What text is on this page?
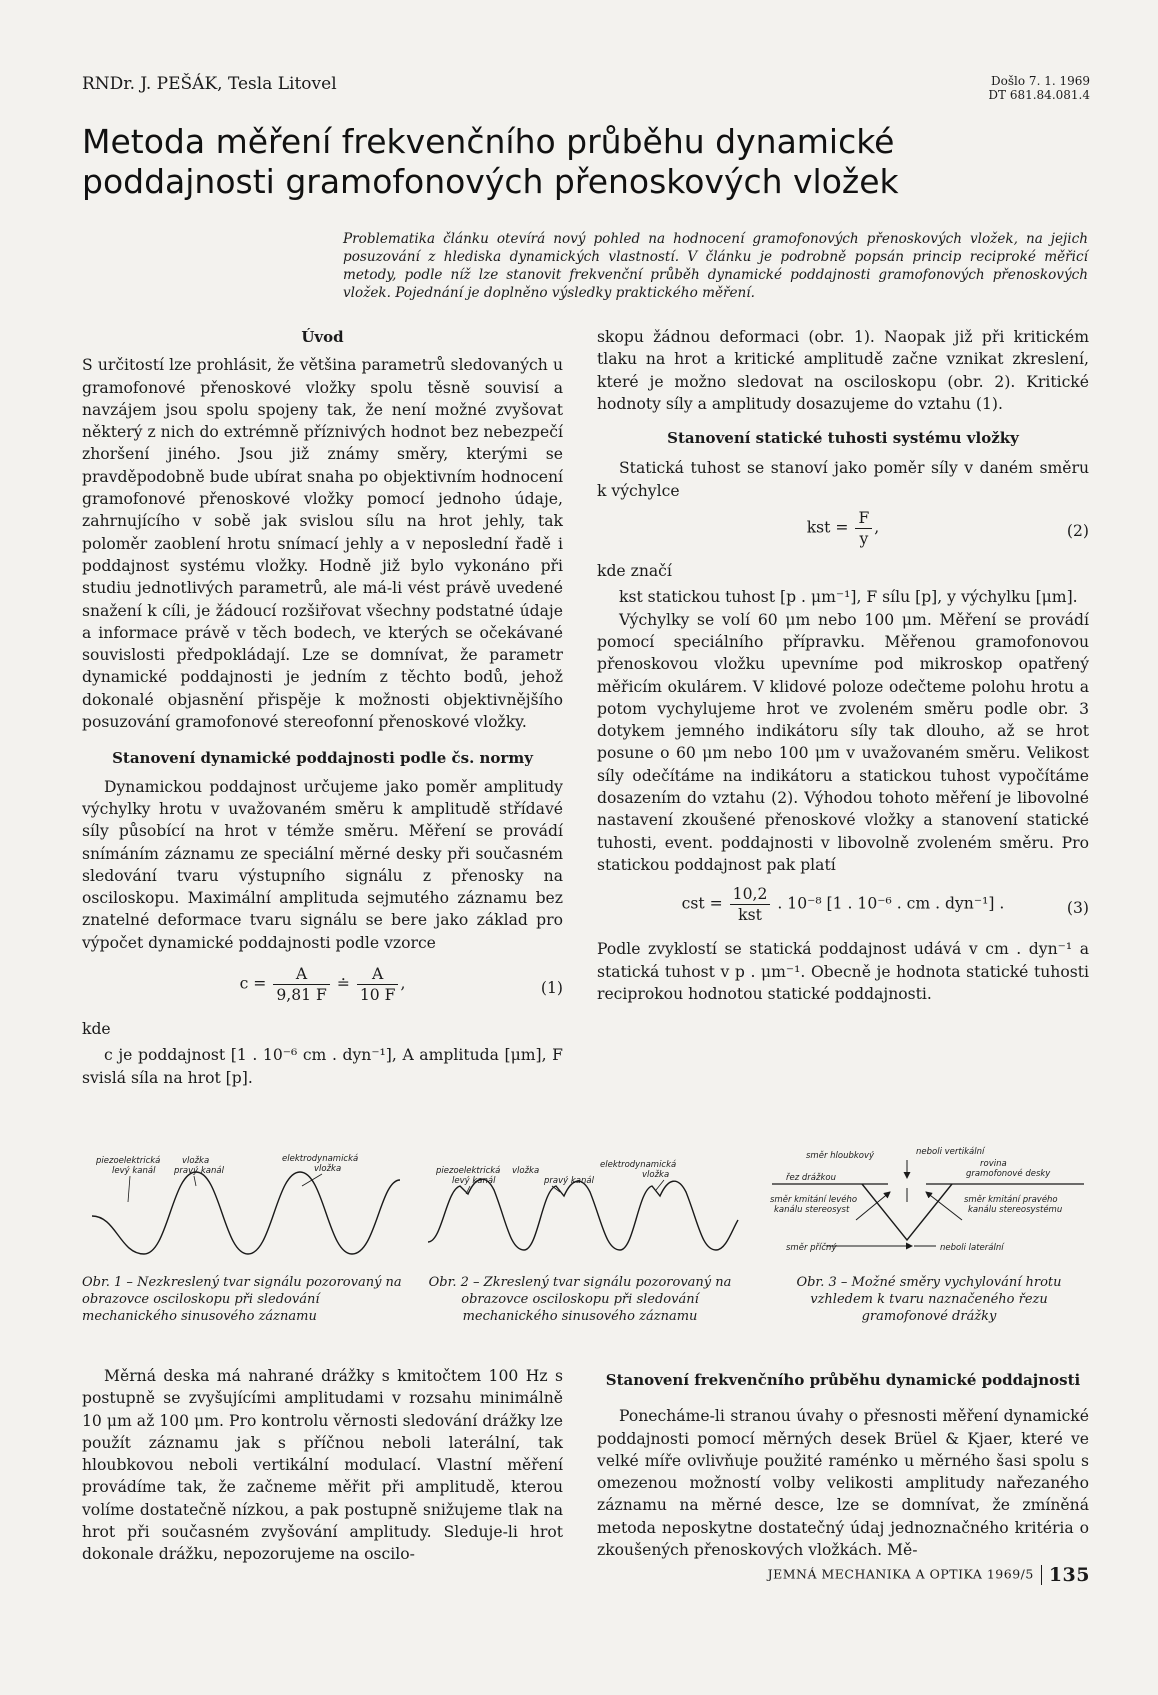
RNDr. J. PEŠÁK, Tesla Litovel	Došlo 7. 1. 1969
DT 681.84.081.4
Metoda měření frekvenčního průběhu dynamické poddajnosti gramofonových přenoskových vložek

Problematika článku otevírá nový pohled na hodnocení gramofonových přenoskových vložek, na jejich posuzování z hlediska dynamických vlastností. V článku je podrobně popsán princip reciproké měřicí metody, podle níž lze stanovit frekvenční průběh dynamické poddajnosti gramofonových přenoskových vložek. Pojednání je doplněno výsledky praktického měření.

Úvod

S určitostí lze prohlásit, že většina parametrů sledovaných u gramofonové přenoskové vložky spolu těsně souvisí a navzájem jsou spolu spojeny tak, že není možné zvyšovat některý z nich do extrémně příznivých hodnot bez nebezpečí zhoršení jiného. Jsou již známy směry, kterými se pravděpodobně bude ubírat snaha po objektivním hodnocení gramofonové přenoskové vložky pomocí jednoho údaje, zahrnujícího v sobě jak svislou sílu na hrot jehly, tak poloměr zaoblení hrotu snímací jehly a v neposlední řadě i poddajnost systému vložky. Hodně již bylo vykonáno při studiu jednotlivých parametrů, ale má-li vést právě uvedené snažení k cíli, je žádoucí rozšiřovat všechny podstatné údaje a informace právě v těch bodech, ve kterých se očekávané souvislosti předpokládají. Lze se domnívat, že parametr dynamické poddajnosti je jedním z těchto bodů, jehož dokonalé objasnění přispěje k možnosti objektivnějšího posuzování gramofonové stereofonní přenoskové vložky.

Stanovení dynamické poddajnosti podle čs. normy

Dynamickou poddajnost určujeme jako poměr amplitudy výchylky hrotu v uvažovaném směru k amplitudě střídavé síly působící na hrot v témže směru. Měření se provádí snímáním záznamu ze speciální měrné desky při současném sledování tvaru výstupního signálu z přenosky na osciloskopu. Maximální amplituda sejmutého záznamu bez znatelné deformace tvaru signálu se bere jako základ pro výpočet dynamické poddajnosti podle vzorce

$c = \frac{A}{9,81 F}$ ≐ $\frac{A}{10 F}$ ,	(1)

kde

c je poddajnost [1 . 10⁻⁶ cm . dyn⁻¹], A amplituda [μm], F svislá síla na hrot [p].

skopu žádnou deformaci (obr. 1). Naopak již při kritickém tlaku na hrot a kritické amplitudě začne vznikat zkreslení, které je možno sledovat na osciloskopu (obr. 2). Kritické hodnoty síly a amplitudy dosazujeme do vztahu (1).

Stanovení statické tuhosti systému vložky

Statická tuhost se stanoví jako poměr síly v daném směru k výchylce

kst = $\frac{F}{y}$ ,	(2)

kde značí

kst statickou tuhost [p . μm⁻¹], F sílu [p], y výchylku [μm].

Výchylky se volí 60 μm nebo 100 μm. Měření se provádí pomocí speciálního přípravku. Měřenou gramofonovou přenoskovou vložku upevníme pod mikroskop opatřený měřicím okulárem. V klidové poloze odečteme polohu hrotu a potom vychylujeme hrot ve zvoleném směru podle obr. 3 dotykem jemného indikátoru síly tak dlouho, až se hrot posune o 60 μm nebo 100 μm v uvažovaném směru. Velikost síly odečítáme na indikátoru a statickou tuhost vypočítáme dosazením do vztahu (2). Výhodou tohoto měření je libovolné nastavení zkoušené přenoskové vložky a stanovení statické tuhosti, event. poddajnosti v libovolně zvoleném směru. Pro statickou poddajnost pak platí

cst = $\frac{10,2}{\text{kst}}$ . 10⁻⁸ [1 . 10⁻⁶ . cm . dyn⁻¹] .	(3)

Podle zvyklostí se statická poddajnost udává v cm . dyn⁻¹ a statická tuhost v p . μm⁻¹. Obecně je hodnota statické tuhosti reciprokou hodnotou statické poddajnosti.

piezoelektrická
levý kanál
vložka
pravý kanál
elektrodynamická
vložka

Obr. 1 – Nezkreslený tvar signálu pozorovaný na obrazovce osciloskopu při sledování mechanického sinusového záznamu

piezoelektrická
levý kanál
vložka
pravý kanál
elektrodynamická
vložka

Obr. 2 – Zkreslený tvar signálu pozorovaný na obrazovce osciloskopu při sledování mechanického sinusového záznamu

směr hloubkový	neboli vertikální
rovina
gramofonové desky
řez drážkou
směr kmitání levého
kanálu stereosyst
směr kmitání pravého
kanálu stereosystému
směr příčný	neboli laterální

Obr. 3 – Možné směry vychylování hrotu vzhledem k tvaru naznačeného řezu gramofonové drážky

Měrná deska má nahrané drážky s kmitočtem 100 Hz s postupně se zvyšujícími amplitudami v rozsahu minimálně 10 μm až 100 μm. Pro kontrolu věrnosti sledování drážky lze použít záznamu jak s příčnou neboli laterální, tak hloubkovou neboli vertikální modulací. Vlastní měření provádíme tak, že začneme měřit při amplitudě, kterou volíme dostatečně nízkou, a pak postupně snižujeme tlak na hrot při současném zvyšování amplitudy. Sleduje-li hrot dokonale drážku, nepozorujeme na oscilo-

Stanovení frekvenčního průběhu dynamické poddajnosti

Ponecháme-li stranou úvahy o přesnosti měření dynamické poddajnosti pomocí měrných desek Brüel & Kjaer, které ve velké míře ovlivňuje použité raménko u měrného šasi spolu s omezenou možností volby velikosti amplitudy nařezaného záznamu na měrné desce, lze se domnívat, že zmíněná metoda neposkytne dostatečný údaj jednoznačného kritéria o zkoušených přenoskových vložkách. Mě-

JEMNÁ MECHANIKA A OPTIKA 1969/5 135
